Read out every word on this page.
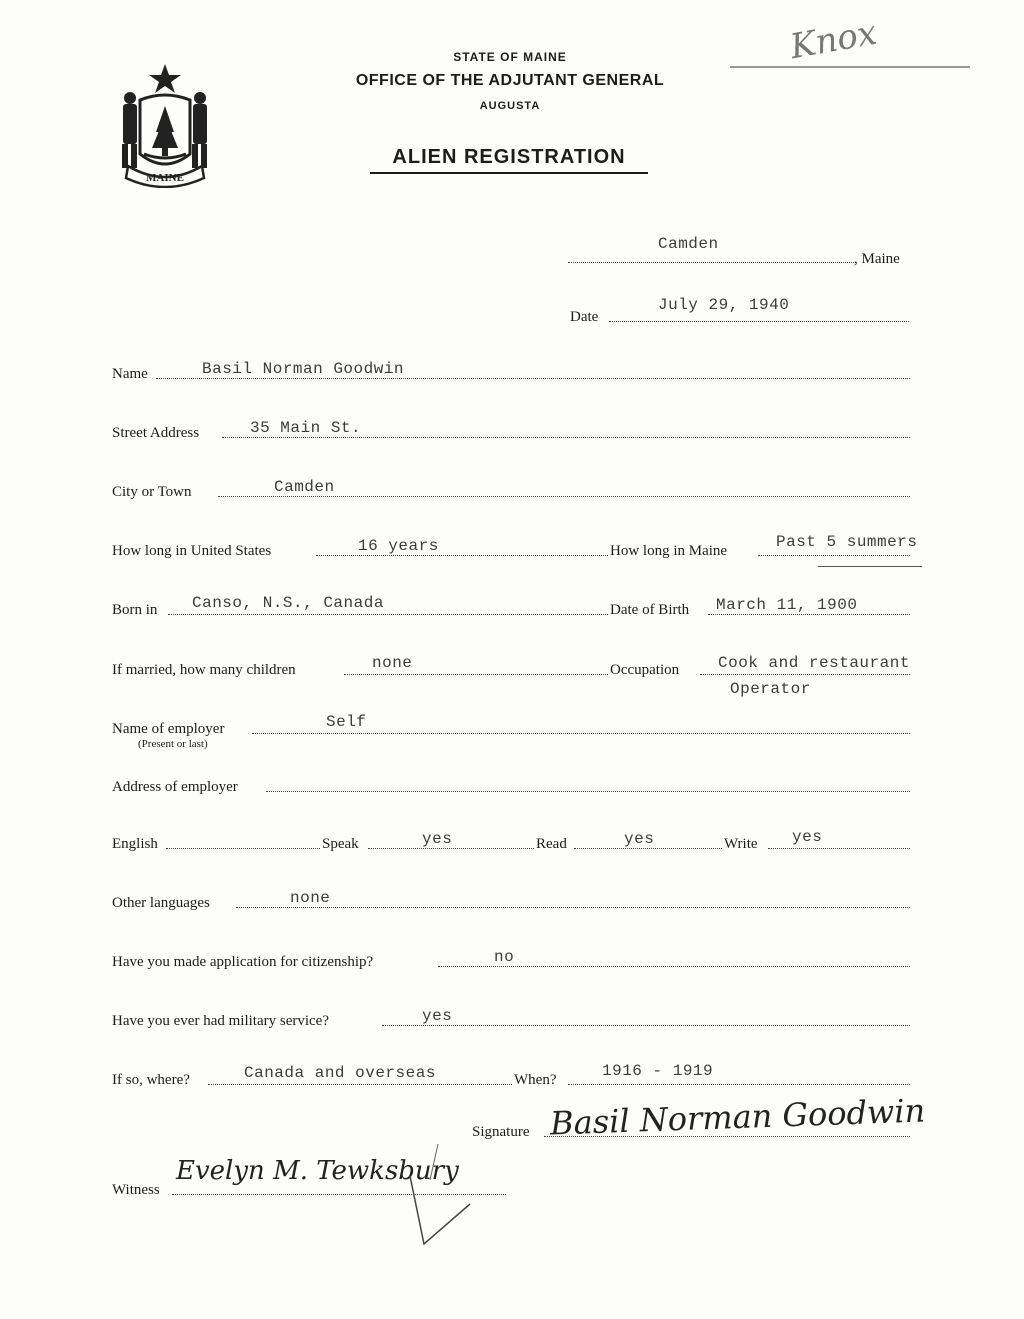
MAINE
STATE OF MAINE
OFFICE OF THE ADJUTANT GENERAL
AUGUSTA
ALIEN REGISTRATION
Knox
Camden
, Maine
Date
July 29, 1940
Name	Basil Norman Goodwin
Street Address	35 Main St.
City or Town	Camden
How long in United States	16 years	How long in Maine	Past 5 summers
Born in Canso, N.S., Canada	Date of Birth March 11, 1900
If married, how many children	none	Occupation Cook and restaurant
Operator
Name of employer
(Present or last)
Self
Address of employer
English	Speak	yes	Read	yes	Write yes
Other languages	none
Have you made application for citizenship?	no
Have you ever had military service?	yes
If so, where?	Canada and overseas	When?	1916 - 1919
Signature Basil Norman Goodwin
Witness
Evelyn M. Tewksbury
